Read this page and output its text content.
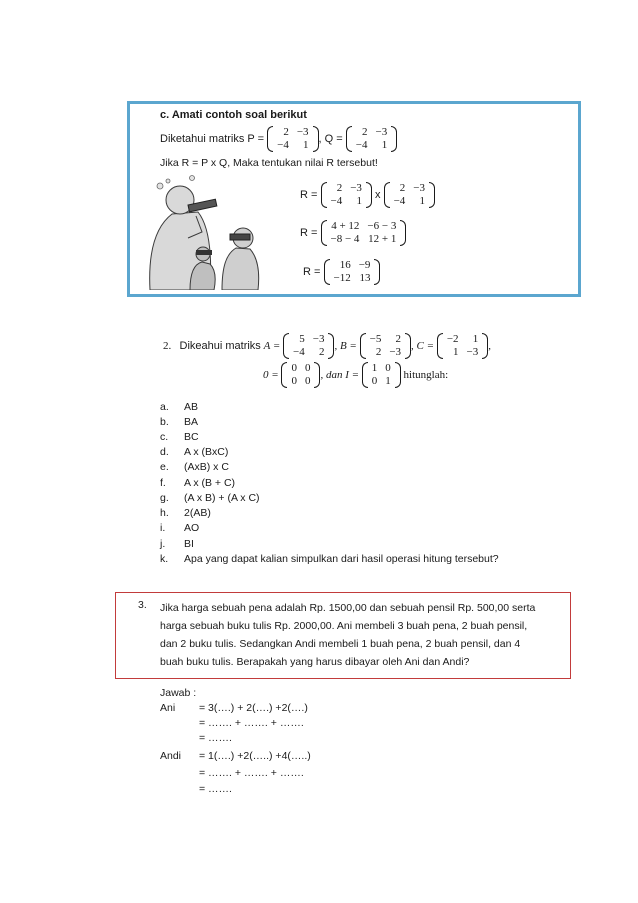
c. Amati contoh soal berikut
Diketahui matriks P =

2	−3
−4	1 , Q =

2	−3
−4	1
Jika R = P x Q, Maka tentukan nilai R tersebut!
R =

2	−3
−4	1
x

2	−3
−4	1
R =

4 + 12	−6 − 3
−8 − 4	12 + 1
R =

16	−9
−12	13
2.
Dikeahui matriks
A =

5	−3
−4	2 , B =

−5	2
2	−3 , C =

−2	1
1	−3 ,
0 =

0	0
0	0 , dan I =

1	0
0	1
hitunglah:
a. AB
b. BA
c. BC
d. A x (BxC)
e. (AxB) x C
f. A x (B + C)
g. (A x B) + (A x C)
h. 2(AB)
i. AO
j. BI
k. Apa yang dapat kalian simpulkan dari hasil operasi hitung tersebut?
3. Jika harga sebuah pena adalah Rp. 1500,00 dan sebuah pensil Rp. 500,00 serta
harga sebuah buku tulis Rp. 2000,00. Ani membeli 3 buah pena, 2 buah pensil,
dan 2 buku tulis. Sedangkan Andi membeli 1 buah pena, 2 buah pensil, dan 4
buah buku tulis. Berapakah yang harus dibayar oleh Ani dan Andi?
Jawab :
Ani = 3(….) + 2(….) +2(….)
= ……. + ……. + …….
= …….
Andi = 1(….) +2(…..) +4(…..)
= ……. + ……. + …….
= …….
